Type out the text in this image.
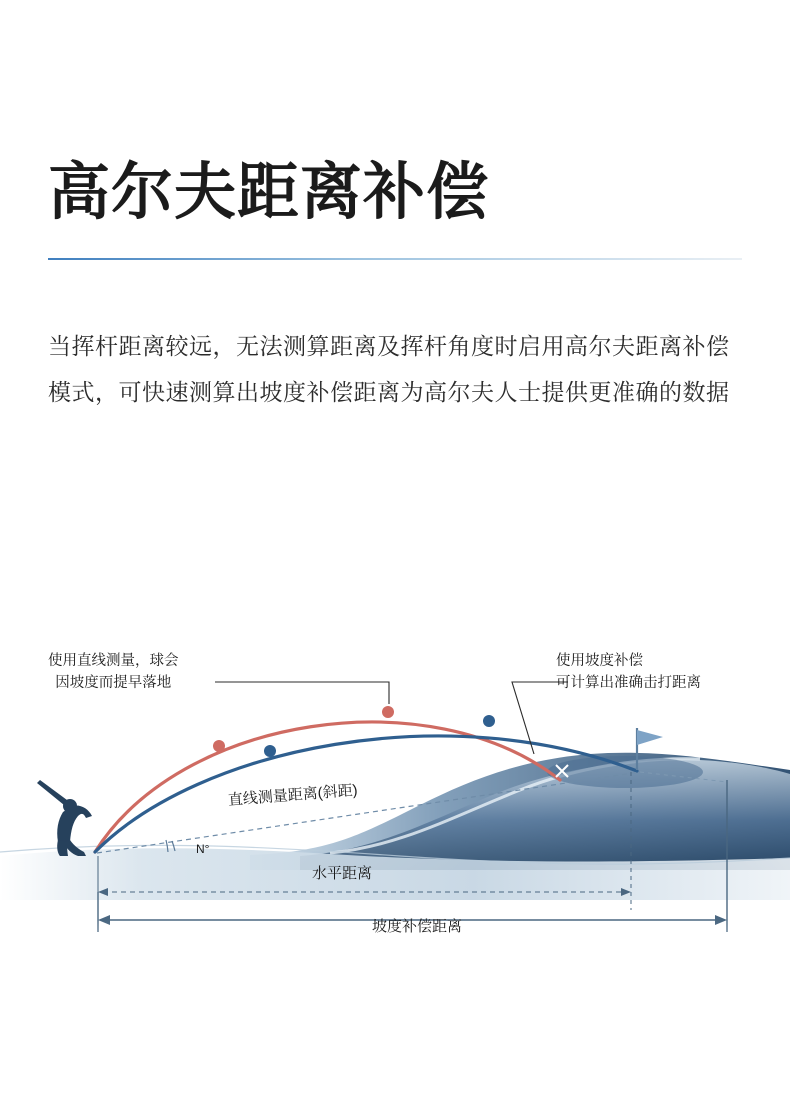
高尔夫距离补偿

当挥杆距离较远，无法测算距离及挥杆角度时启用高尔夫距离补偿模式，可快速测算出坡度补偿距离为高尔夫人士提供更准确的数据

使用直线测量，球会
因坡度而提早落地
使用坡度补偿
可计算出准确击打距离
直线测量距离(斜距)
N°
水平距离
坡度补偿距离
